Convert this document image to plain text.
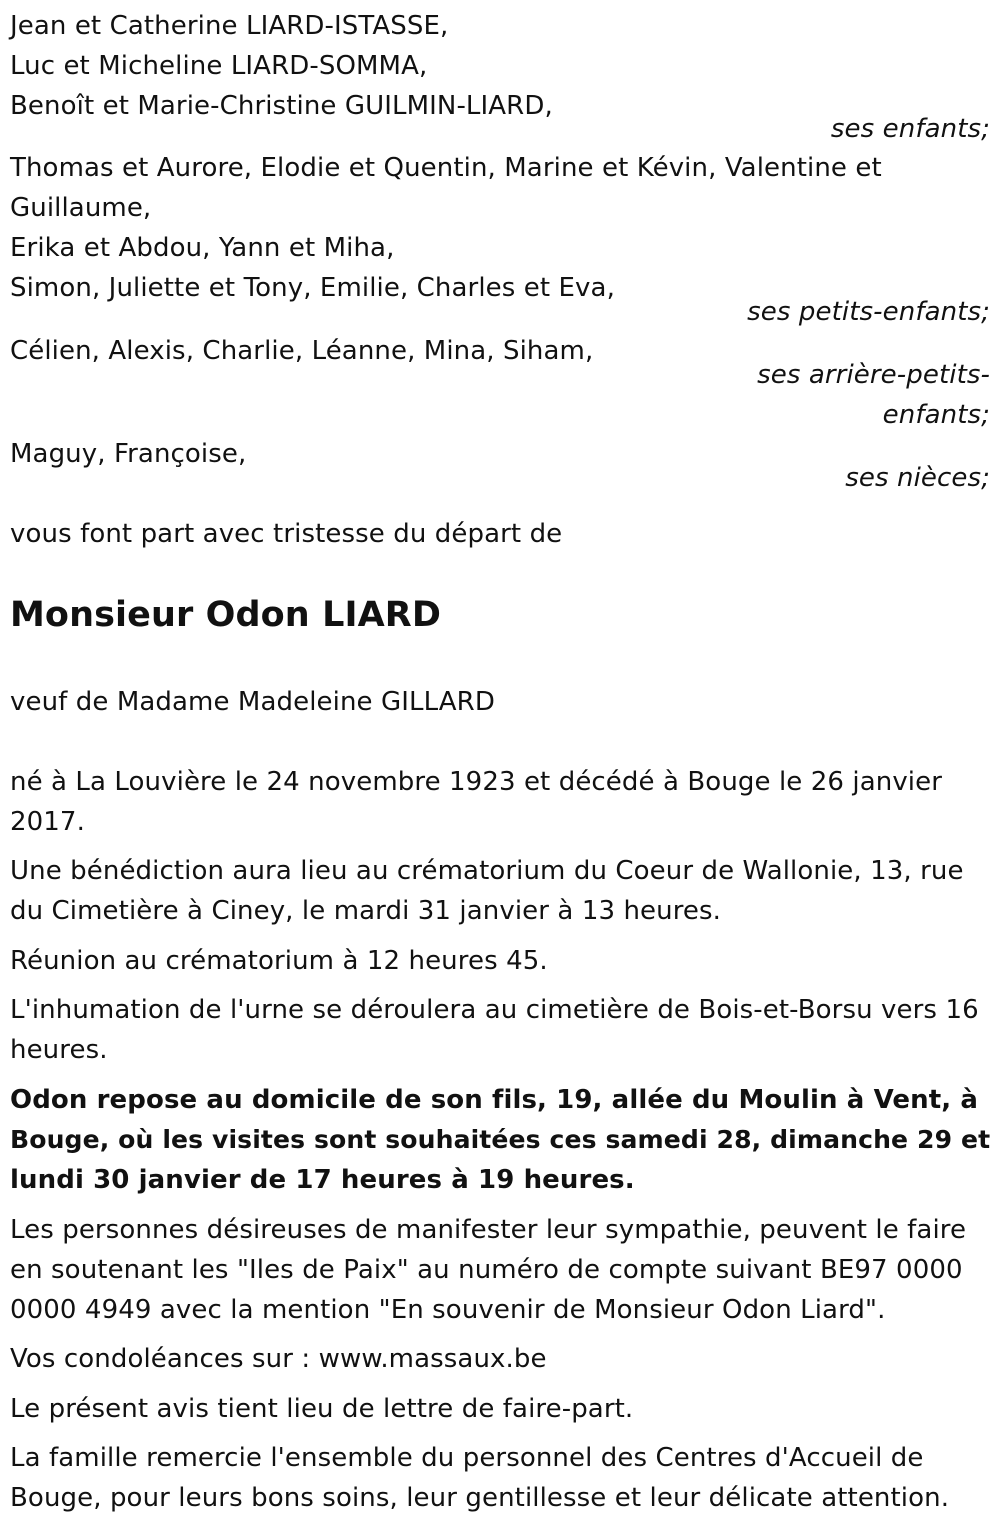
Jean et Catherine LIARD-ISTASSE,
Luc et Micheline LIARD-SOMMA,
Benoît et Marie-Christine GUILMIN-LIARD,
ses enfants;
Thomas et Aurore, Elodie et Quentin, Marine et Kévin, Valentine et
Guillaume,
Erika et Abdou, Yann et Miha,
Simon, Juliette et Tony, Emilie, Charles et Eva,
ses petits-enfants;
Célien, Alexis, Charlie, Léanne, Mina, Siham,
ses arrière-petits-
enfants;
Maguy, Françoise,
ses nièces;
vous font part avec tristesse du départ de
Monsieur Odon LIARD
veuf de Madame Madeleine GILLARD
né à La Louvière le 24 novembre 1923 et décédé à Bouge le 26 janvier
2017.
Une bénédiction aura lieu au crématorium du Coeur de Wallonie, 13, rue
du Cimetière à Ciney, le mardi 31 janvier à 13 heures.
Réunion au crématorium à 12 heures 45.
L'inhumation de l'urne se déroulera au cimetière de Bois-et-Borsu vers 16
heures.
Odon repose au domicile de son fils, 19, allée du Moulin à Vent, à
Bouge, où les visites sont souhaitées ces samedi 28, dimanche 29 et
lundi 30 janvier de 17 heures à 19 heures.
Les personnes désireuses de manifester leur sympathie, peuvent le faire
en soutenant les "Iles de Paix" au numéro de compte suivant BE97 0000
0000 4949 avec la mention "En souvenir de Monsieur Odon Liard".
Vos condoléances sur : www.massaux.be
Le présent avis tient lieu de lettre de faire-part.
La famille remercie l'ensemble du personnel des Centres d'Accueil de
Bouge, pour leurs bons soins, leur gentillesse et leur délicate attention.
